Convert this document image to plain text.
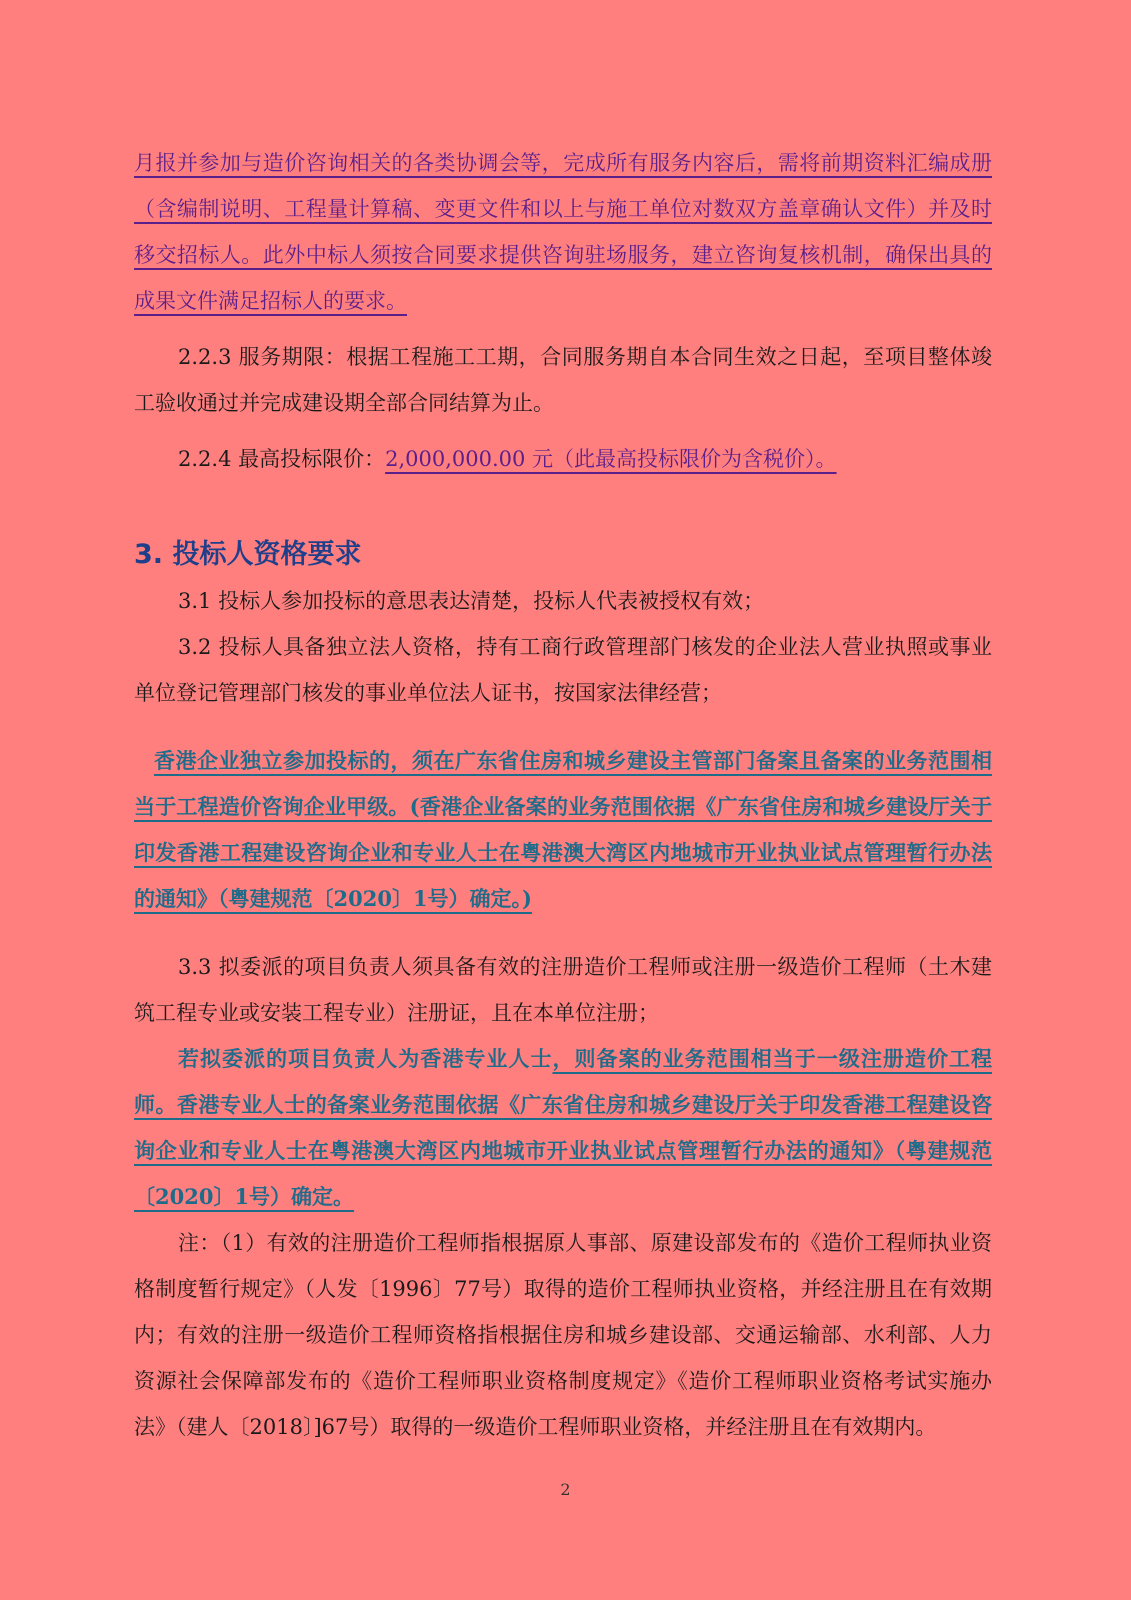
月报并参加与造价咨询相关的各类协调会等，完成所有服务内容后，需将前期资料汇编成册（含编制说明、工程量计算稿、变更文件和以上与施工单位对数双方盖章确认文件）并及时移交招标人。此外中标人须按合同要求提供咨询驻场服务，建立咨询复核机制，确保出具的成果文件满足招标人的要求。

2.2.3 服务期限：根据工程施工工期，合同服务期自本合同生效之日起，至项目整体竣工验收通过并完成建设期全部合同结算为止。

2.2.4 最高投标限价：2,000,000.00 元（此最高投标限价为含税价）。

3. 投标人资格要求

3.1 投标人参加投标的意思表达清楚，投标人代表被授权有效；

3.2 投标人具备独立法人资格，持有工商行政管理部门核发的企业法人营业执照或事业单位登记管理部门核发的事业单位法人证书，按国家法律经营；

香港企业独立参加投标的，须在广东省住房和城乡建设主管部门备案且备案的业务范围相当于工程造价咨询企业甲级。(香港企业备案的业务范围依据《广东省住房和城乡建设厅关于印发香港工程建设咨询企业和专业人士在粤港澳大湾区内地城市开业执业试点管理暂行办法的通知》（粤建规范〔2020〕1号）确定。)

3.3 拟委派的项目负责人须具备有效的注册造价工程师或注册一级造价工程师（土木建筑工程专业或安装工程专业）注册证，且在本单位注册；

若拟委派的项目负责人为香港专业人士，则备案的业务范围相当于一级注册造价工程师。香港专业人士的备案业务范围依据《广东省住房和城乡建设厅关于印发香港工程建设咨询企业和专业人士在粤港澳大湾区内地城市开业执业试点管理暂行办法的通知》（粤建规范〔2020〕1号）确定。

注：（1）有效的注册造价工程师指根据原人事部、原建设部发布的《造价工程师执业资格制度暂行规定》（人发〔1996〕77号）取得的造价工程师执业资格，并经注册且在有效期内；有效的注册一级造价工程师资格指根据住房和城乡建设部、交通运输部、水利部、人力资源社会保障部发布的《造价工程师职业资格制度规定》《造价工程师职业资格考试实施办法》（建人〔2018〕]67号）取得的一级造价工程师职业资格，并经注册且在有效期内。

2
